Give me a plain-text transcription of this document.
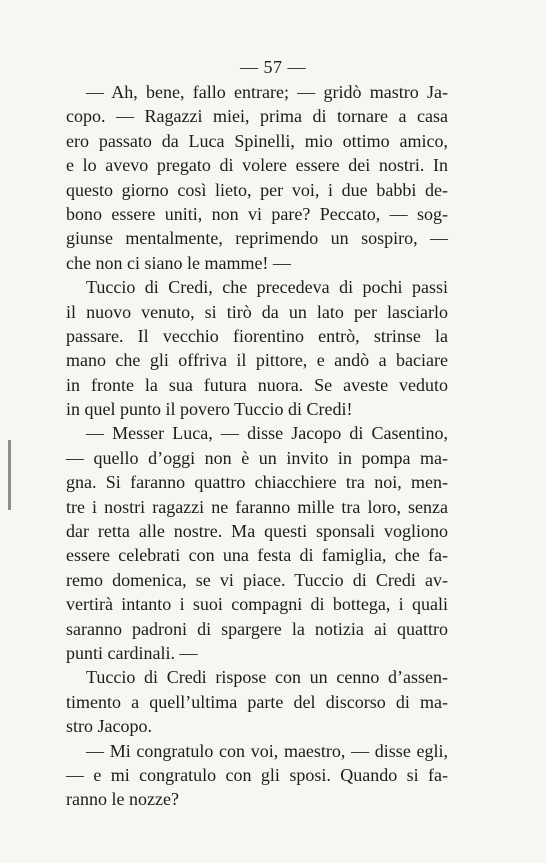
— 57 —
— Ah, bene, fallo entrare; — gridò mastro Ja-
copo. — Ragazzi miei, prima di tornare a casa
ero passato da Luca Spinelli, mio ottimo amico,
e lo avevo pregato di volere essere dei nostri. In
questo giorno così lieto, per voi, i due babbi de-
bono essere uniti, non vi pare? Peccato, — sog-
giunse mentalmente, reprimendo un sospiro, —
che non ci siano le mamme! —
Tuccio di Credi, che precedeva di pochi passi
il nuovo venuto, si tirò da un lato per lasciarlo
passare. Il vecchio fiorentino entrò, strinse la
mano che gli offriva il pittore, e andò a baciare
in fronte la sua futura nuora. Se aveste veduto
in quel punto il povero Tuccio di Credi!
— Messer Luca, — disse Jacopo di Casentino,
— quello d’oggi non è un invito in pompa ma-
gna. Si faranno quattro chiacchiere tra noi, men-
tre i nostri ragazzi ne faranno mille tra loro, senza
dar retta alle nostre. Ma questi sponsali vogliono
essere celebrati con una festa di famiglia, che fa-
remo domenica, se vi piace. Tuccio di Credi av-
vertirà intanto i suoi compagni di bottega, i quali
saranno padroni di spargere la notizia ai quattro
punti cardinali. —
Tuccio di Credi rispose con un cenno d’assen-
timento a quell’ultima parte del discorso di ma-
stro Jacopo.
— Mi congratulo con voi, maestro, — disse egli,
— e mi congratulo con gli sposi. Quando si fa-
ranno le nozze?
